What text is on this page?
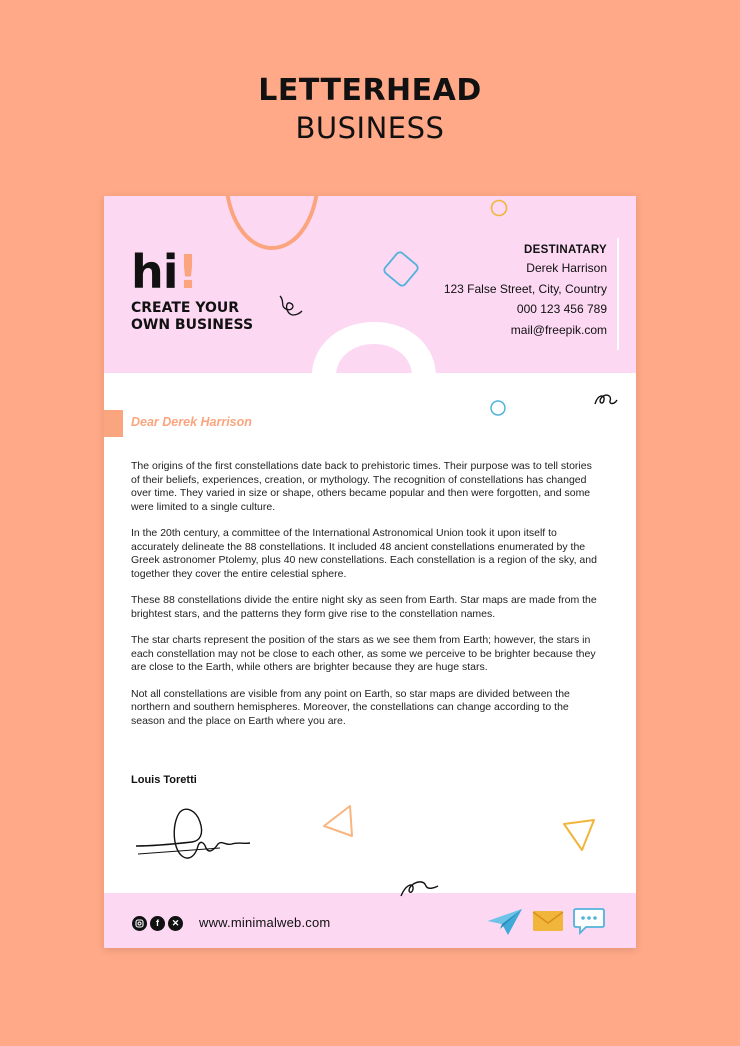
LETTERHEAD
BUSINESS
hi!
CREATE YOUR
OWN BUSINESS
DESTINATARY
Derek Harrison
123 False Street, City, Country
000 123 456 789
mail@freepik.com
Dear Derek Harrison

The origins of the first constellations date back to prehistoric times. Their purpose was to tell stories of their beliefs, experiences, creation, or mythology. The recognition of constellations has changed over time. They varied in size or shape, others became popular and then were forgotten, and some were limited to a single culture.

In the 20th century, a committee of the International Astronomical Union took it upon itself to accurately delineate the 88 constellations. It included 48 ancient constellations enumerated by the Greek astronomer Ptolemy, plus 40 new constellations. Each constellation is a region of the sky, and together they cover the entire celestial sphere.

These 88 constellations divide the entire night sky as seen from Earth. Star maps are made from the brightest stars, and the patterns they form give rise to the constellation names.

The star charts represent the position of the stars as we see them from Earth; however, the stars in each constellation may not be close to each other, as some we perceive to be brighter because they are close to the Earth, while others are brighter because they are huge stars.

Not all constellations are visible from any point on Earth, so star maps are divided between the northern and southern hemispheres. Moreover, the constellations can change according to the season and the place on Earth where you are.

Louis Toretti
f	✕ www.minimalweb.com
